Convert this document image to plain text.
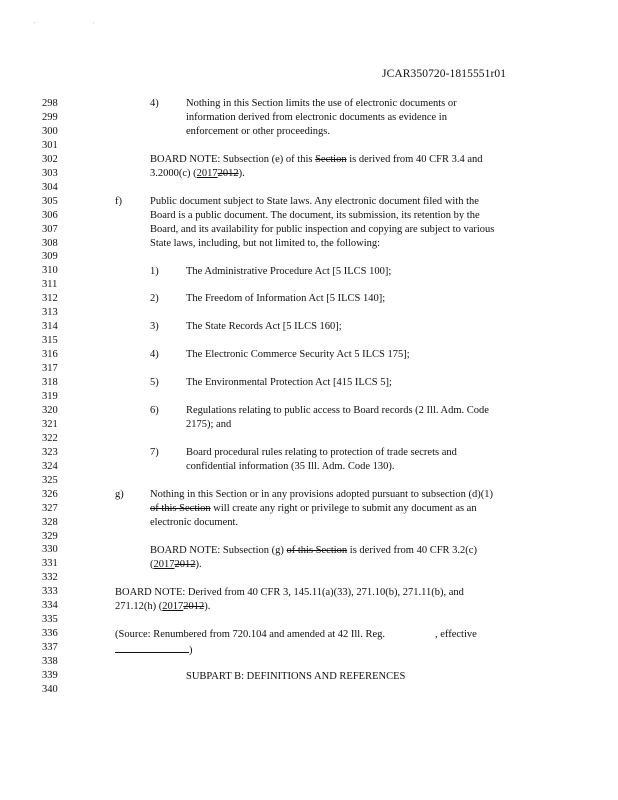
' '
JCAR350720-1815551r01
298
299
300
301
302
303
304
305
306
307
308
309
310
311
312
313
314
315
316
317
318
319
320
321
322
323
324
325
326
327
328
329
330
331
332
333
334
335
336
337
338
339
340
4)	Nothing in this Section limits the use of electronic documents or
information derived from electronic documents as evidence in
enforcement or other proceedings.
BOARD NOTE: Subsection (e) of this Section is derived from 40 CFR 3.4 and
3.2000(c) (20172012).
f)	Public document subject to State laws. Any electronic document filed with the
Board is a public document. The document, its submission, its retention by the
Board, and its availability for public inspection and copying are subject to various
State laws, including, but not limited to, the following:
1)	The Administrative Procedure Act [5 ILCS 100];
2)	The Freedom of Information Act [5 ILCS 140];
3)	The State Records Act [5 ILCS 160];
4)	The Electronic Commerce Security Act 5 ILCS 175];
5)	The Environmental Protection Act [415 ILCS 5];
6)	Regulations relating to public access to Board records (2 Ill. Adm. Code
2175); and
7)	Board procedural rules relating to protection of trade secrets and
confidential information (35 Ill. Adm. Code 130).
g)	Nothing in this Section or in any provisions adopted pursuant to subsection (d)(1)
of this Section will create any right or privilege to submit any document as an
electronic document.
BOARD NOTE: Subsection (g) of this Section is derived from 40 CFR 3.2(c)
(20172012).
BOARD NOTE: Derived from 40 CFR 3, 145.11(a)(33), 271.10(b), 271.11(b), and
271.12(h) (20172012).
(Source: Renumbered from 720.104 and amended at 42 Ill. Reg.	, effective
)
SUBPART B: DEFINITIONS AND REFERENCES
